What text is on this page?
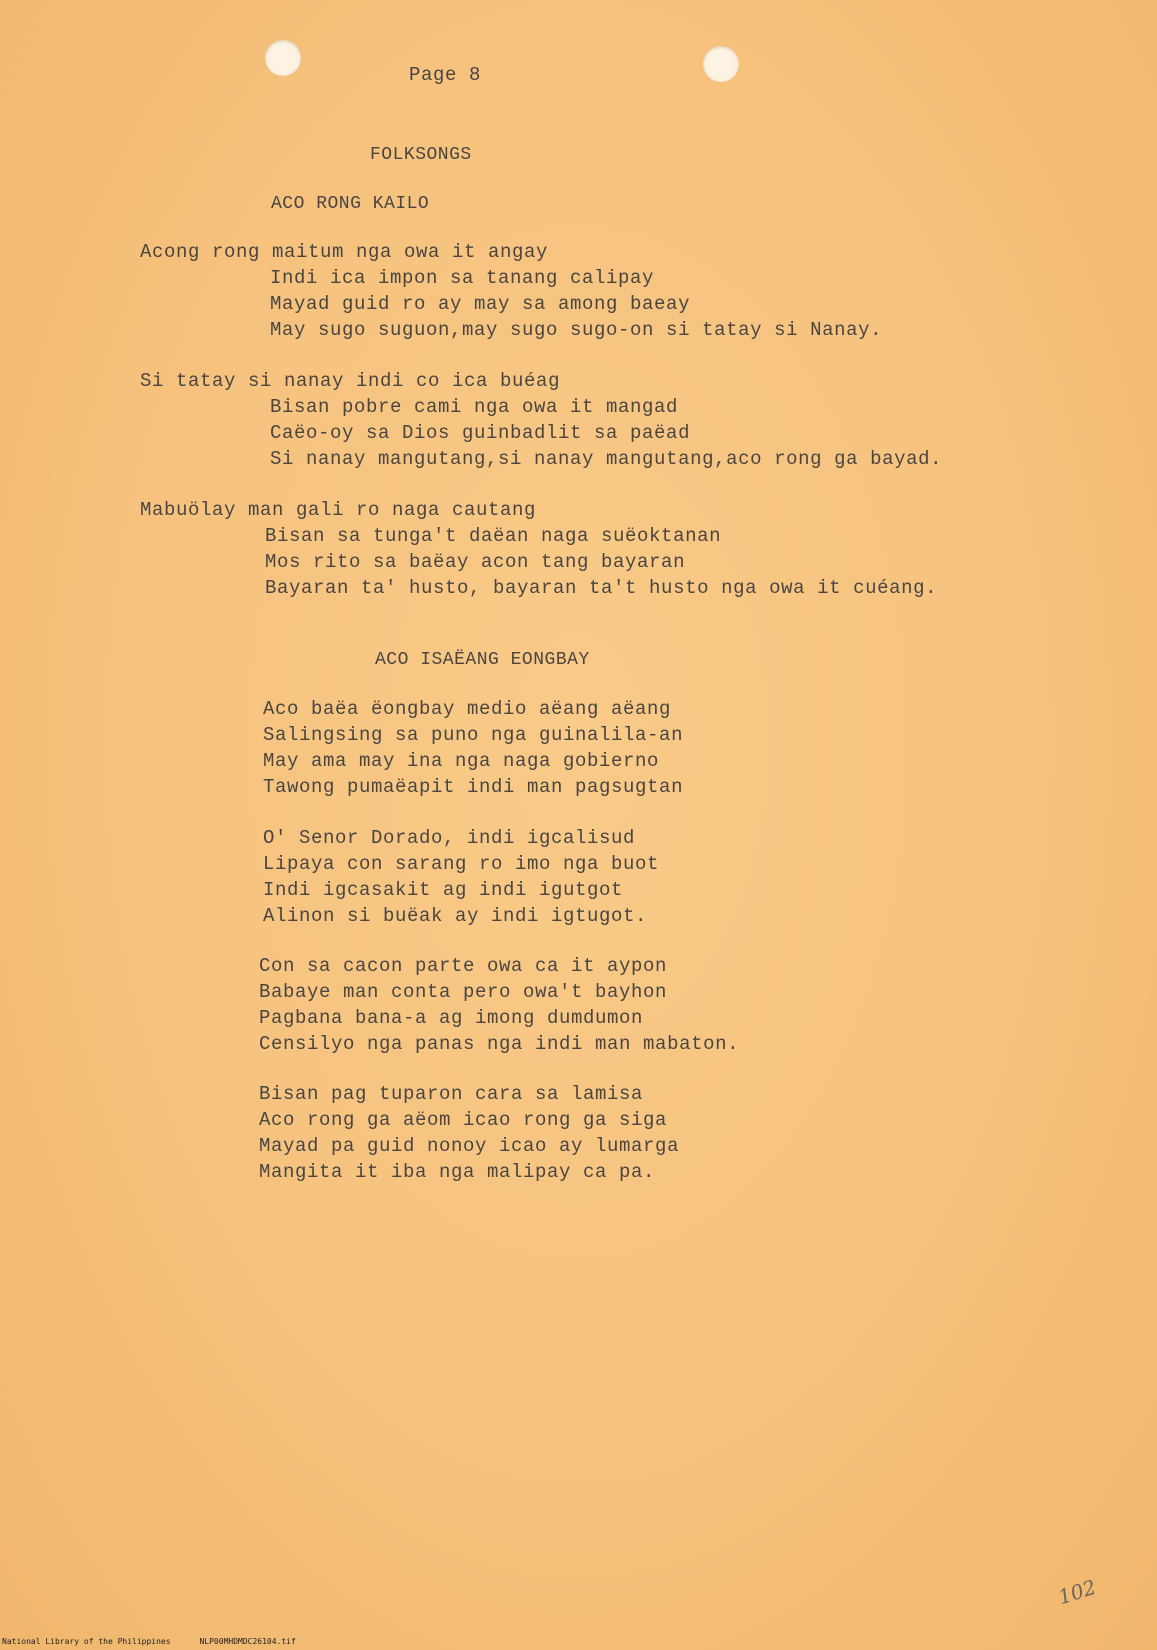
Page 8
FOLKSONGS
ACO RONG KAILO
Acong rong maitum nga owa it angay
Indi ica impon sa tanang calipay
Mayad guid ro ay may sa among baeay
May sugo suguon,may sugo sugo-on si tatay si Nanay.
Si tatay si nanay indi co ica buéag
Bisan pobre cami nga owa it mangad
Caëo-oy sa Dios guinbadlit sa paëad
Si nanay mangutang,si nanay mangutang,aco rong ga bayad.
Mabuölay man gali ro naga cautang
Bisan sa tunga't daëan naga suëoktanan
Mos rito sa baëay acon tang bayaran
Bayaran ta' husto, bayaran ta't husto nga owa it cuéang.
ACO ISAËANG EONGBAY
Aco baëa ëongbay medio aëang aëang
Salingsing sa puno nga guinalila-an
May ama may ina nga naga gobierno
Tawong pumaëapit indi man pagsugtan
O' Senor Dorado, indi igcalisud
Lipaya con sarang ro imo nga buot
Indi igcasakit ag indi igutgot
Alinon si buëak ay indi igtugot.
Con sa cacon parte owa ca it aypon
Babaye man conta pero owa't bayhon
Pagbana bana-a ag imong dumdumon
Censilyo nga panas nga indi man mabaton.
Bisan pag tuparon cara sa lamisa
Aco rong ga aëom icao rong ga siga
Mayad pa guid nonoy icao ay lumarga
Mangita it iba nga malipay ca pa.
102
National Library of the Philippines	NLP00MHDMDC26104.tif
